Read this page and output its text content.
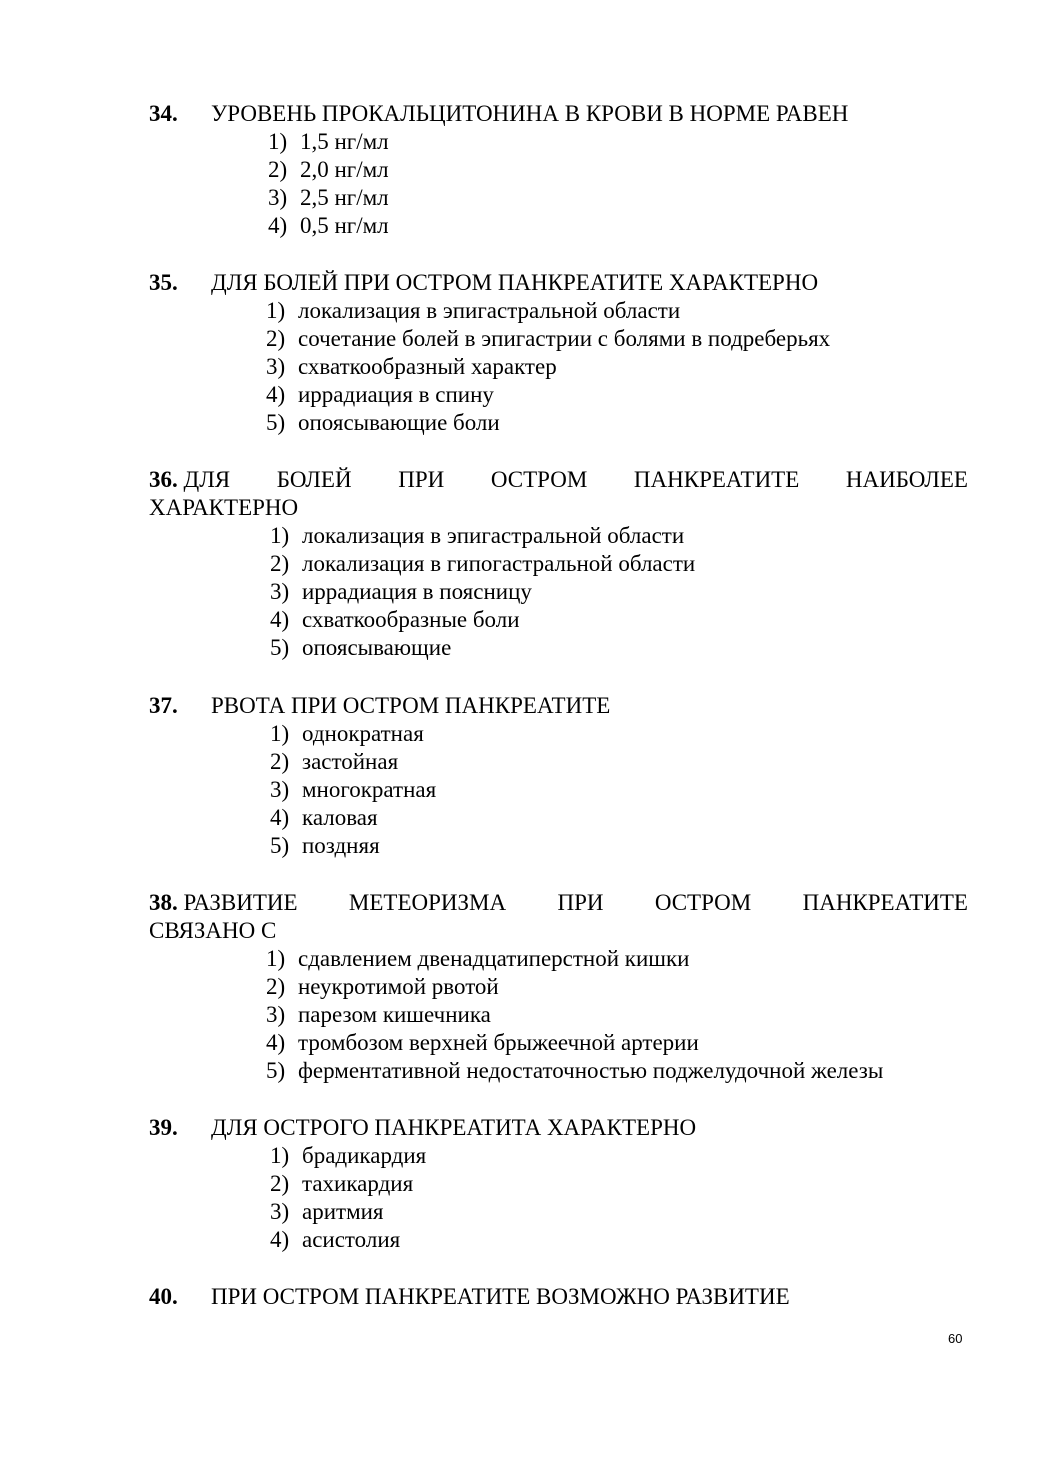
34.	УРОВЕНЬ ПРОКАЛЬЦИТОНИНА В КРОВИ В НОРМЕ РАВЕН
1) 1,5 нг/мл
2) 2,0 нг/мл
3) 2,5 нг/мл
4) 0,5 нг/мл
35.	ДЛЯ БОЛЕЙ ПРИ ОСТРОМ ПАНКРЕАТИТЕ ХАРАКТЕРНО
1) локализация в эпигастральной области
2) сочетание болей в эпигастрии с болями в подреберьях
3) схваткообразный характер
4) иррадиация в спину
5) опоясывающие боли
36. ДЛЯ БОЛЕЙ ПРИ ОСТРОМ ПАНКРЕАТИТЕ НАИБОЛЕЕ
ХАРАКТЕРНО
1) локализация в эпигастральной области
2) локализация в гипогастральной области
3) иррадиация в поясницу
4) схваткообразные боли
5) опоясывающие
37.	РВОТА ПРИ ОСТРОМ ПАНКРЕАТИТЕ
1) однократная
2) застойная
3) многократная
4) каловая
5) поздняя
38. РАЗВИТИЕ МЕТЕОРИЗМА ПРИ ОСТРОМ ПАНКРЕАТИТЕ
СВЯЗАНО С
1) сдавлением двенадцатиперстной кишки
2) неукротимой рвотой
3) парезом кишечника
4) тромбозом верхней брыжеечной артерии
5) ферментативной недостаточностью поджелудочной железы
39.	ДЛЯ ОСТРОГО ПАНКРЕАТИТА ХАРАКТЕРНО
1) брадикардия
2) тахикардия
3) аритмия
4) асистолия
40.	ПРИ ОСТРОМ ПАНКРЕАТИТЕ ВОЗМОЖНО РАЗВИТИЕ
60
